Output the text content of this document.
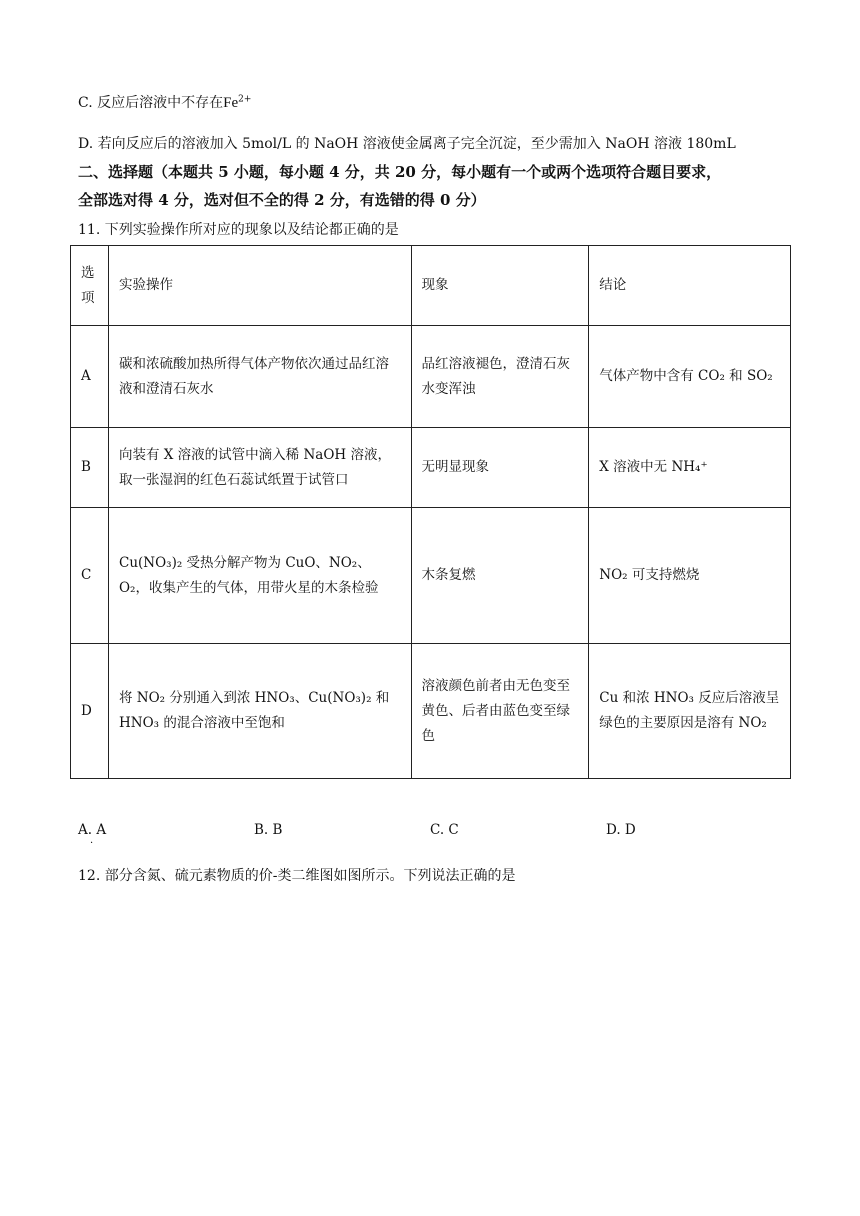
C. 反应后溶液中不存在$Fe^{2+}$
D. 若向反应后的溶液加入 5mol/L 的 NaOH 溶液使金属离子完全沉淀，至少需加入 NaOH 溶液 180mL
二、选择题（本题共 5 小题，每小题 4 分，共 20 分，每小题有一个或两个选项符合题目要求，
全部选对得 4 分，选对但不全的得 2 分，有选错的得 0 分）
11. 下列实验操作所对应的现象以及结论都正确的是
选项	实验操作	现象	结论
A	碳和浓硫酸加热所得气体产物依次通过品红溶液和澄清石灰水	品红溶液褪色，澄清石灰水变浑浊	气体产物中含有 CO₂ 和 SO₂
B	向装有 X 溶液的试管中滴入稀 NaOH 溶液，取一张湿润的红色石蕊试纸置于试管口	无明显现象	X 溶液中无 NH₄⁺
C	Cu(NO₃)₂ 受热分解产物为 CuO、NO₂、O₂，收集产生的气体，用带火星的木条检验	木条复燃	NO₂ 可支持燃烧
D	将 NO₂ 分别通入到浓 HNO₃、Cu(NO₃)₂ 和 HNO₃ 的混合溶液中至饱和	溶液颜色前者由无色变至黄色、后者由蓝色变至绿色	Cu 和浓 HNO₃ 反应后溶液呈绿色的主要原因是溶有 NO₂
A. A
·
B. B	C. C	D. D
12. 部分含氮、硫元素物质的价-类二维图如图所示。下列说法正确的是
